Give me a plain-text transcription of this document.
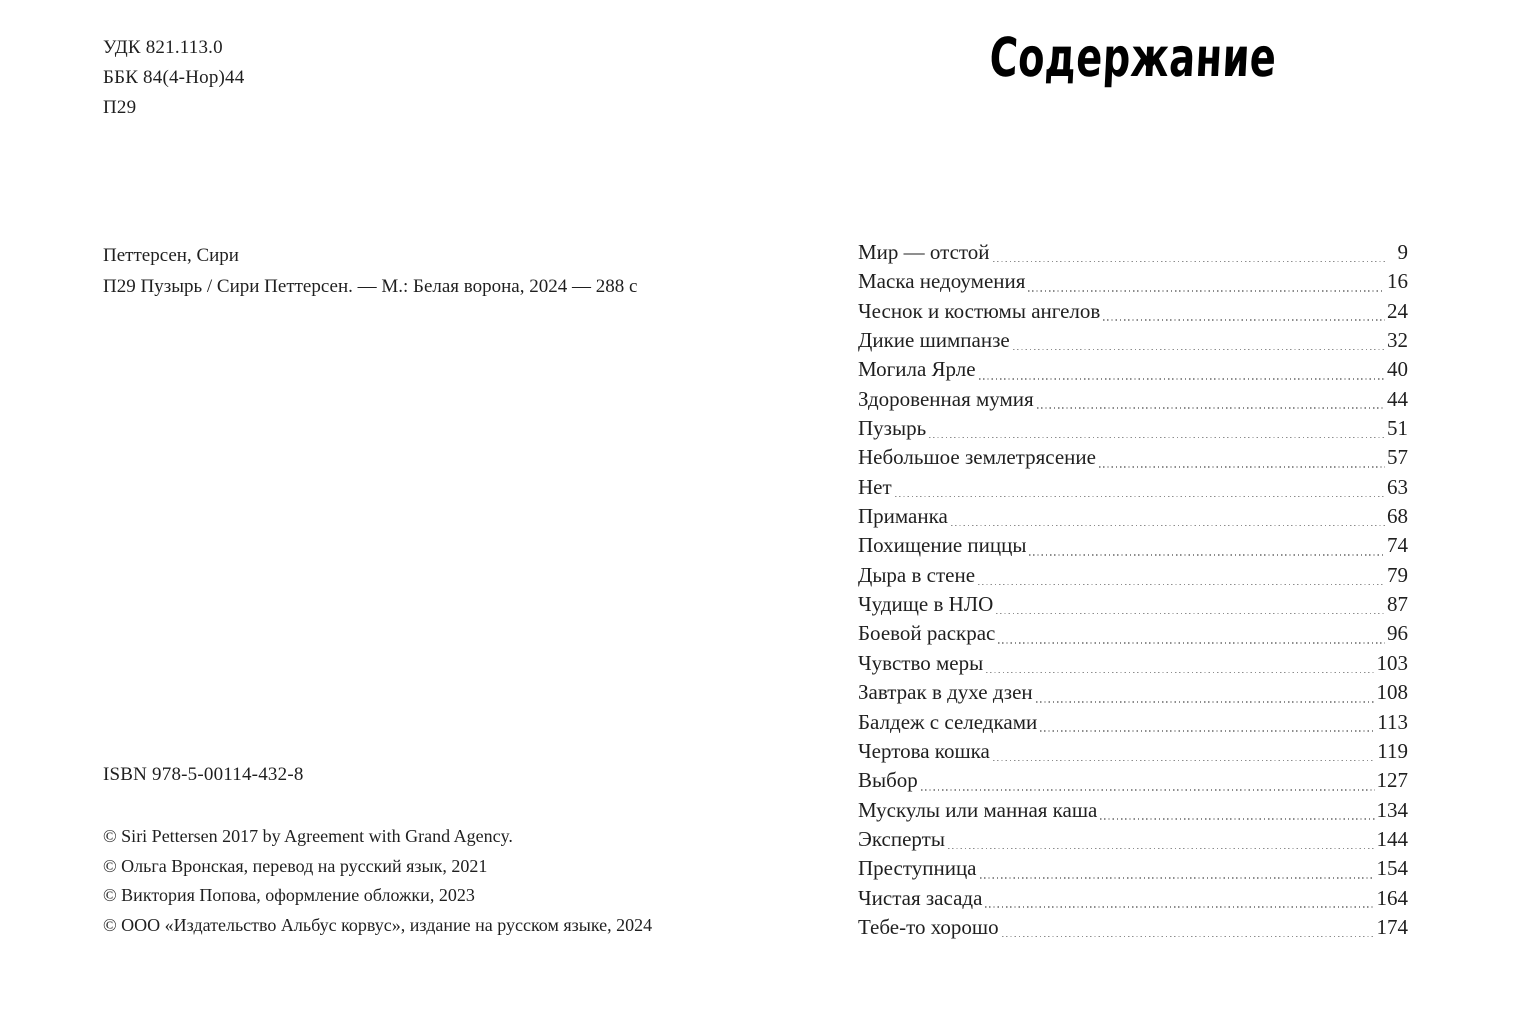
УДК 821.113.0
ББК 84(4-Нор)44
П29
Петтерсен, Сири
П29 Пузырь / Сири Петтерсен. — М.: Белая ворона, 2024 — 288 с
ISBN 978-5-00114-432-8
© Siri Pettersen 2017 by Agreement with Grand Agency.
© Ольга Вронская, перевод на русский язык, 2021
© Виктория Попова, оформление обложки, 2023
© ООО «Издательство Альбус корвус», издание на русском языке, 2024
Содержание
Мир — отстой	9
Маска недоумения	16
Чеснок и костюмы ангелов	24
Дикие шимпанзе	32
Могила Ярле	40
Здоровенная мумия	44
Пузырь	51
Небольшое землетрясение	57
Нет	63
Приманка	68
Похищение пиццы	74
Дыра в стене	79
Чудище в НЛО	87
Боевой раскрас	96
Чувство меры	103
Завтрак в духе дзен	108
Балдеж с селедками	113
Чертова кошка	119
Выбор	127
Мускулы или манная каша	134
Эксперты	144
Преступница	154
Чистая засада	164
Тебе-то хорошо	174
